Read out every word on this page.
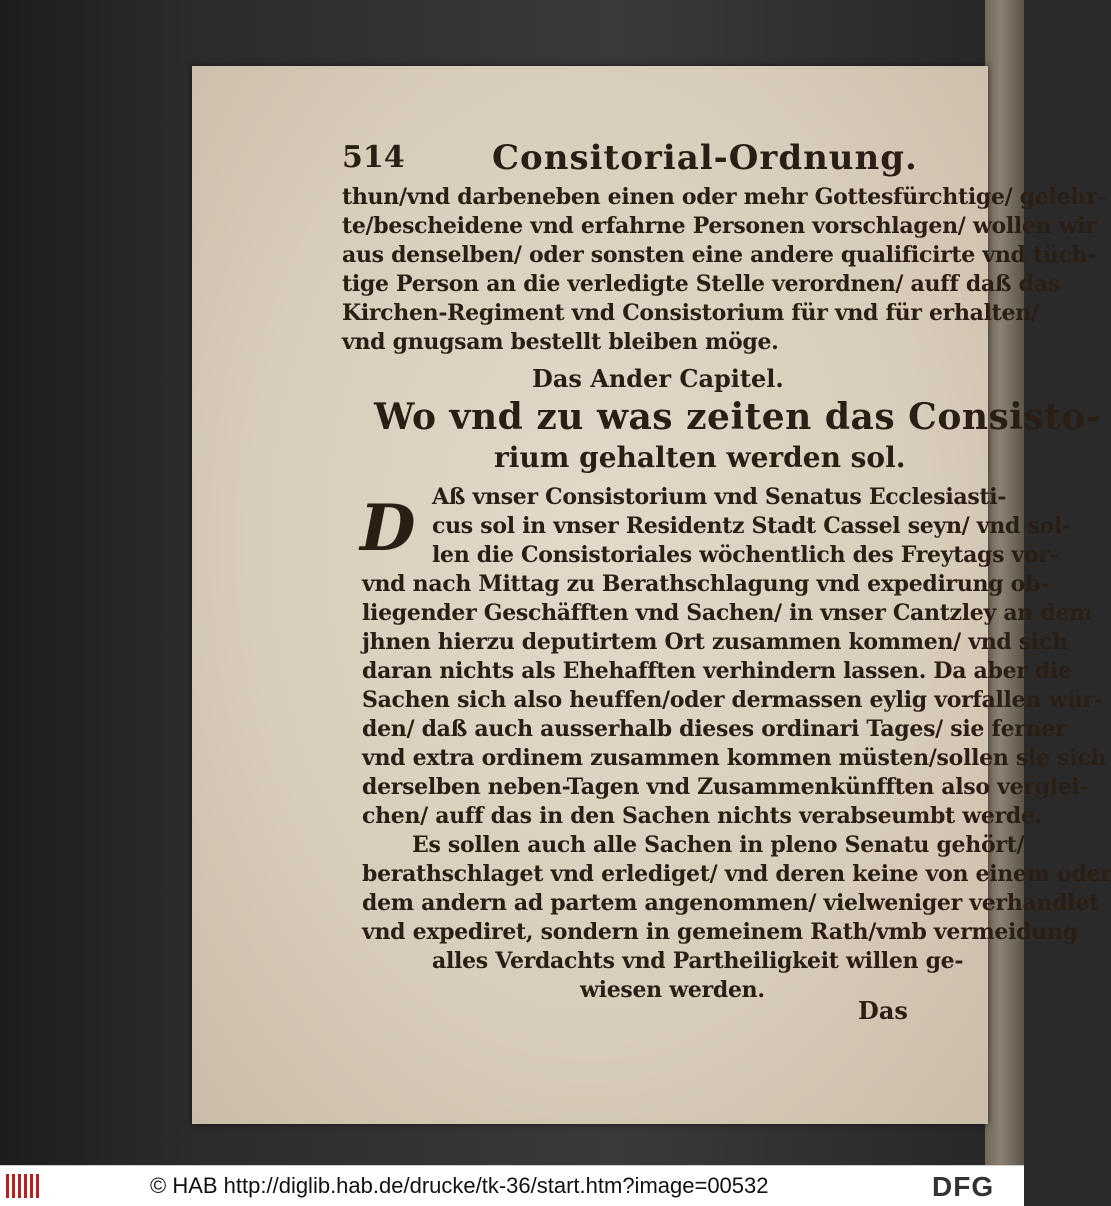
514	Consitorial-Ordnung.
thun/vnd darbeneben einen oder mehr Gottesfürchtige/ gelehr-
te/bescheidene vnd erfahrne Personen vorschlagen/ wollen wir
aus denselben/ oder sonsten eine andere qualificirte vnd tüch-
tige Person an die verledigte Stelle verordnen/ auff daß das
Kirchen-Regiment vnd Consistorium für vnd für erhalten/
vnd gnugsam bestellt bleiben möge.
Das Ander Capitel.
Wo vnd zu was zeiten das Consisto-
rium gehalten werden sol.
D Aß vnser Consistorium vnd Senatus Ecclesiasti-
cus sol in vnser Residentz Stadt Cassel seyn/ vnd sol-
len die Consistoriales wöchentlich des Freytags vor-
vnd nach Mittag zu Berathschlagung vnd expedirung ob-
liegender Geschäfften vnd Sachen/ in vnser Cantzley an dem
jhnen hierzu deputirtem Ort zusammen kommen/ vnd sich
daran nichts als Ehehafften verhindern lassen. Da aber die
Sachen sich also heuffen/oder dermassen eylig vorfallen wür-
den/ daß auch ausserhalb dieses ordinari Tages/ sie ferner
vnd extra ordinem zusammen kommen müsten/sollen sie sich
derselben neben-Tagen vnd Zusammenkünfften also verglei-
chen/ auff das in den Sachen nichts verabseumbt werde.
Es sollen auch alle Sachen in pleno Senatu gehört/
berathschlaget vnd erlediget/ vnd deren keine von einem oder
dem andern ad partem angenommen/ vielweniger verhandlet
vnd expediret, sondern in gemeinem Rath/vmb vermeidung
alles Verdachts vnd Partheiligkeit willen ge-
wiesen werden.
Das
© HAB http://diglib.hab.de/drucke/tk-36/start.htm?image=00532	DFG
